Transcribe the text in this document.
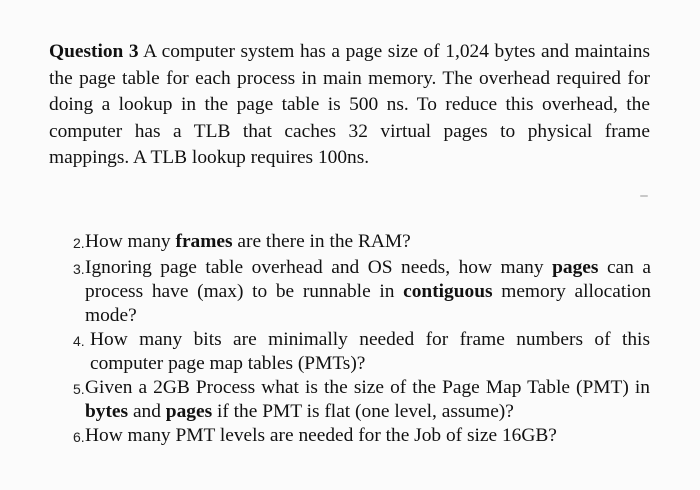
Question 3 A computer system has a page size of 1,024 bytes and maintains the page table for each process in main memory. The overhead required for doing a lookup in the page table is 500 ns. To reduce this overhead, the computer has a TLB that caches 32 virtual pages to physical frame mappings. A TLB lookup requires 100ns.

2. How many frames are there in the RAM?
3. Ignoring page table overhead and OS needs, how many pages can a process have (max) to be runnable in contiguous memory allocation mode?
4. How many bits are minimally needed for frame numbers of this computer page map tables (PMTs)?
5. Given a 2GB Process what is the size of the Page Map Table (PMT) in bytes and pages if the PMT is flat (one level, assume)?
6. How many PMT levels are needed for the Job of size 16GB?
